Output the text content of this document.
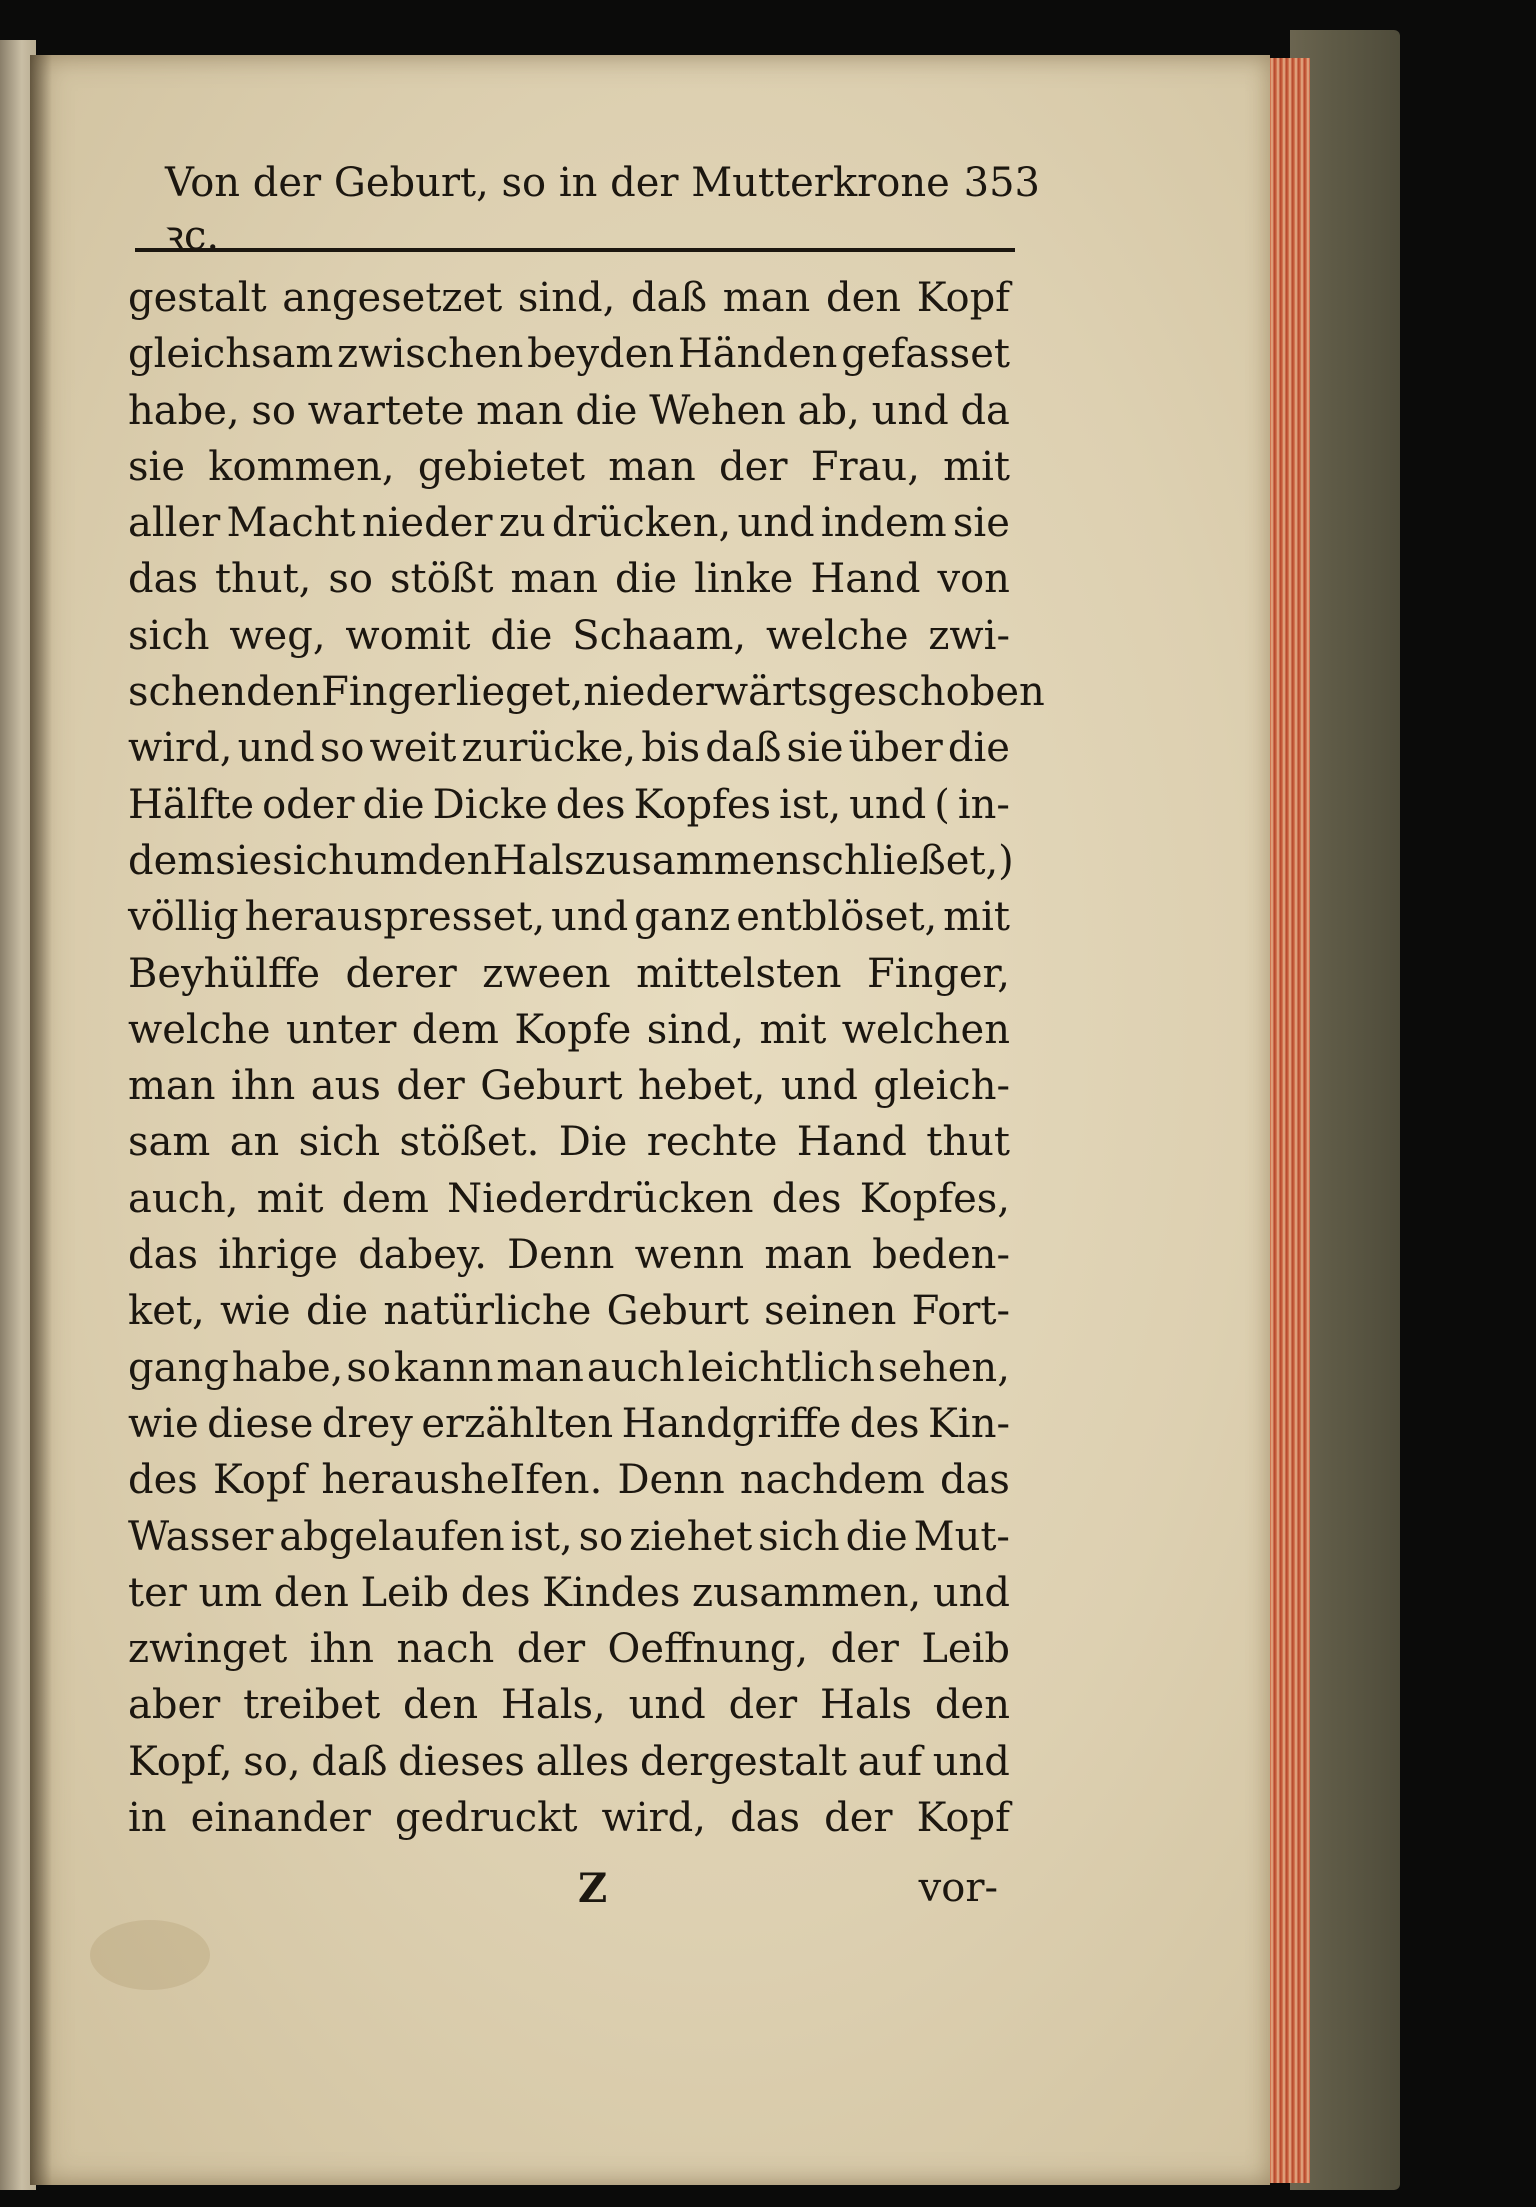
Von der Geburt, so in der Mutterkrone ꝛc.
353
gestalt angesetzet sind, daß man den Kopf
gleichsam zwischen beyden Händen gefasset
habe, so wartete man die Wehen ab, und da
sie kommen, gebietet man der Frau, mit
aller Macht nieder zu drücken, und indem sie
das thut, so stößt man die linke Hand von
sich weg, womit die Schaam, welche zwi-
schen den Finger lieget, niederwärts geschoben
wird, und so weit zurücke, bis daß sie über die
Hälfte oder die Dicke des Kopfes ist, und ( in-
dem sie sich um den Hals zusammen schließet, )
völlig herauspresset, und ganz entblöset, mit
Beyhülffe derer zween mittelsten Finger,
welche unter dem Kopfe sind, mit welchen
man ihn aus der Geburt hebet, und gleich-
sam an sich stößet. Die rechte Hand thut
auch, mit dem Niederdrücken des Kopfes,
das ihrige dabey. Denn wenn man beden-
ket, wie die natürliche Geburt seinen Fort-
gang habe, so kann man auch leichtlich sehen,
wie diese drey erzählten Handgriffe des Kin-
des Kopf herausheIfen. Denn nachdem das
Wasser abgelaufen ist, so ziehet sich die Mut-
ter um den Leib des Kindes zusammen, und
zwinget ihn nach der Oeffnung, der Leib
aber treibet den Hals, und der Hals den
Kopf, so, daß dieses alles dergestalt auf und
in einander gedruckt wird, das der Kopf
Z	vor-
